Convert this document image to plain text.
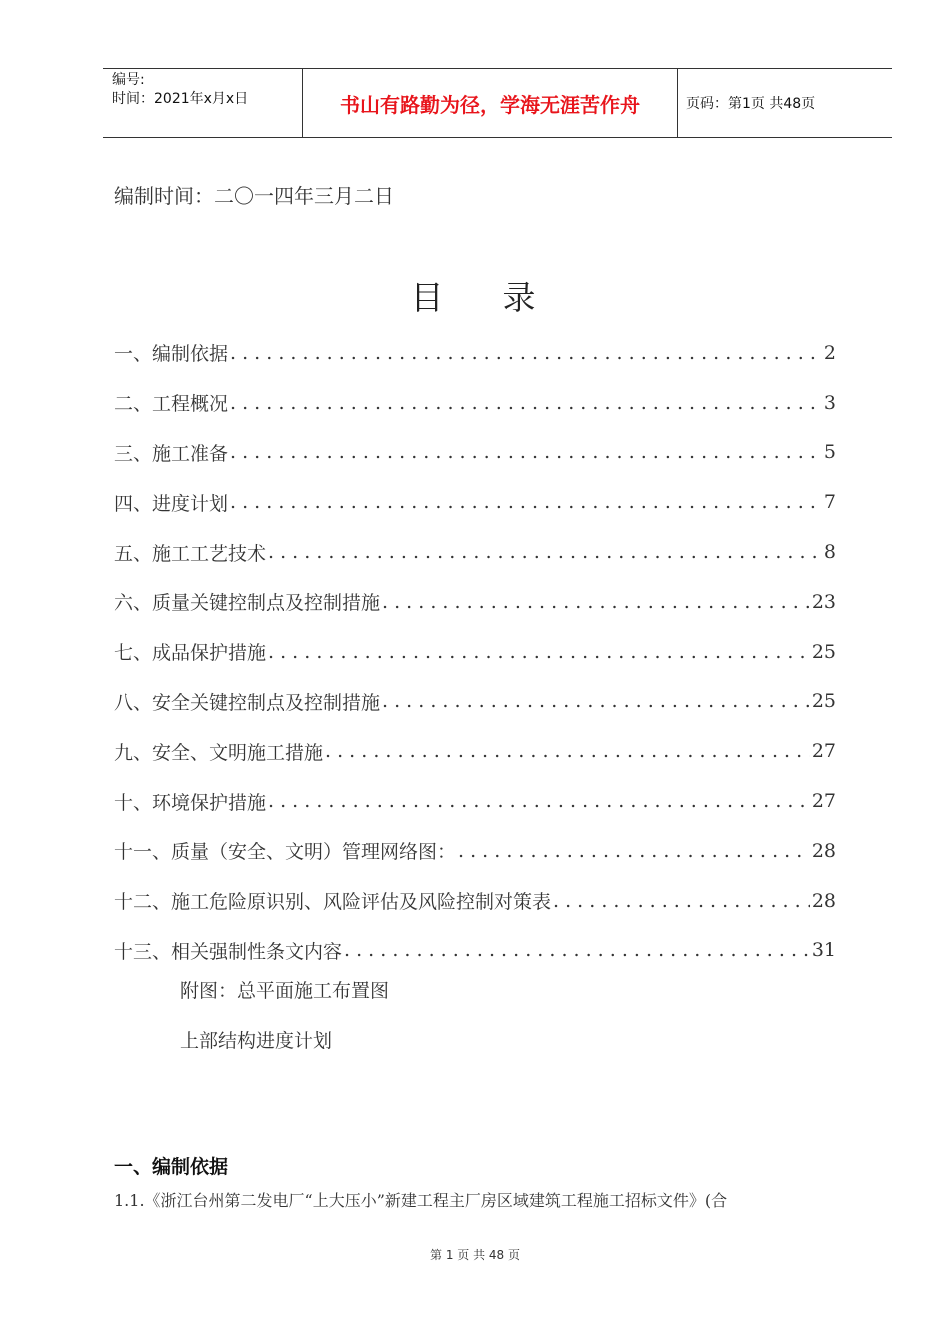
编号:
时间：2021年x月x日	书山有路勤为径，学海无涯苦作舟	页码：第1页 共48页
编制时间：二〇一四年三月二日
目 录
一、编制依据 . . .	2
二、工程概况 . . .	3
三、施工准备 . . .	5
四、进度计划 . . .	7
五、施工工艺技术 . . .	8
六、质量关键控制点及控制措施 . . .	23
七、成品保护措施 . . .	25
八、安全关键控制点及控制措施 . . .	25
九、安全、文明施工措施 . . .	27
十、环境保护措施 . . .	27
十一、质量（安全、文明）管理网络图： . . .	28
十二、施工危险原识别、风险评估及风险控制对策表 . . .	28
十三、相关强制性条文内容 . . .	31
附图：总平面施工布置图
上部结构进度计划
一、编制依据
1.1.《浙江台州第二发电厂“上大压小”新建工程主厂房区域建筑工程施工招标文件》(合
第 1 页 共 48 页
